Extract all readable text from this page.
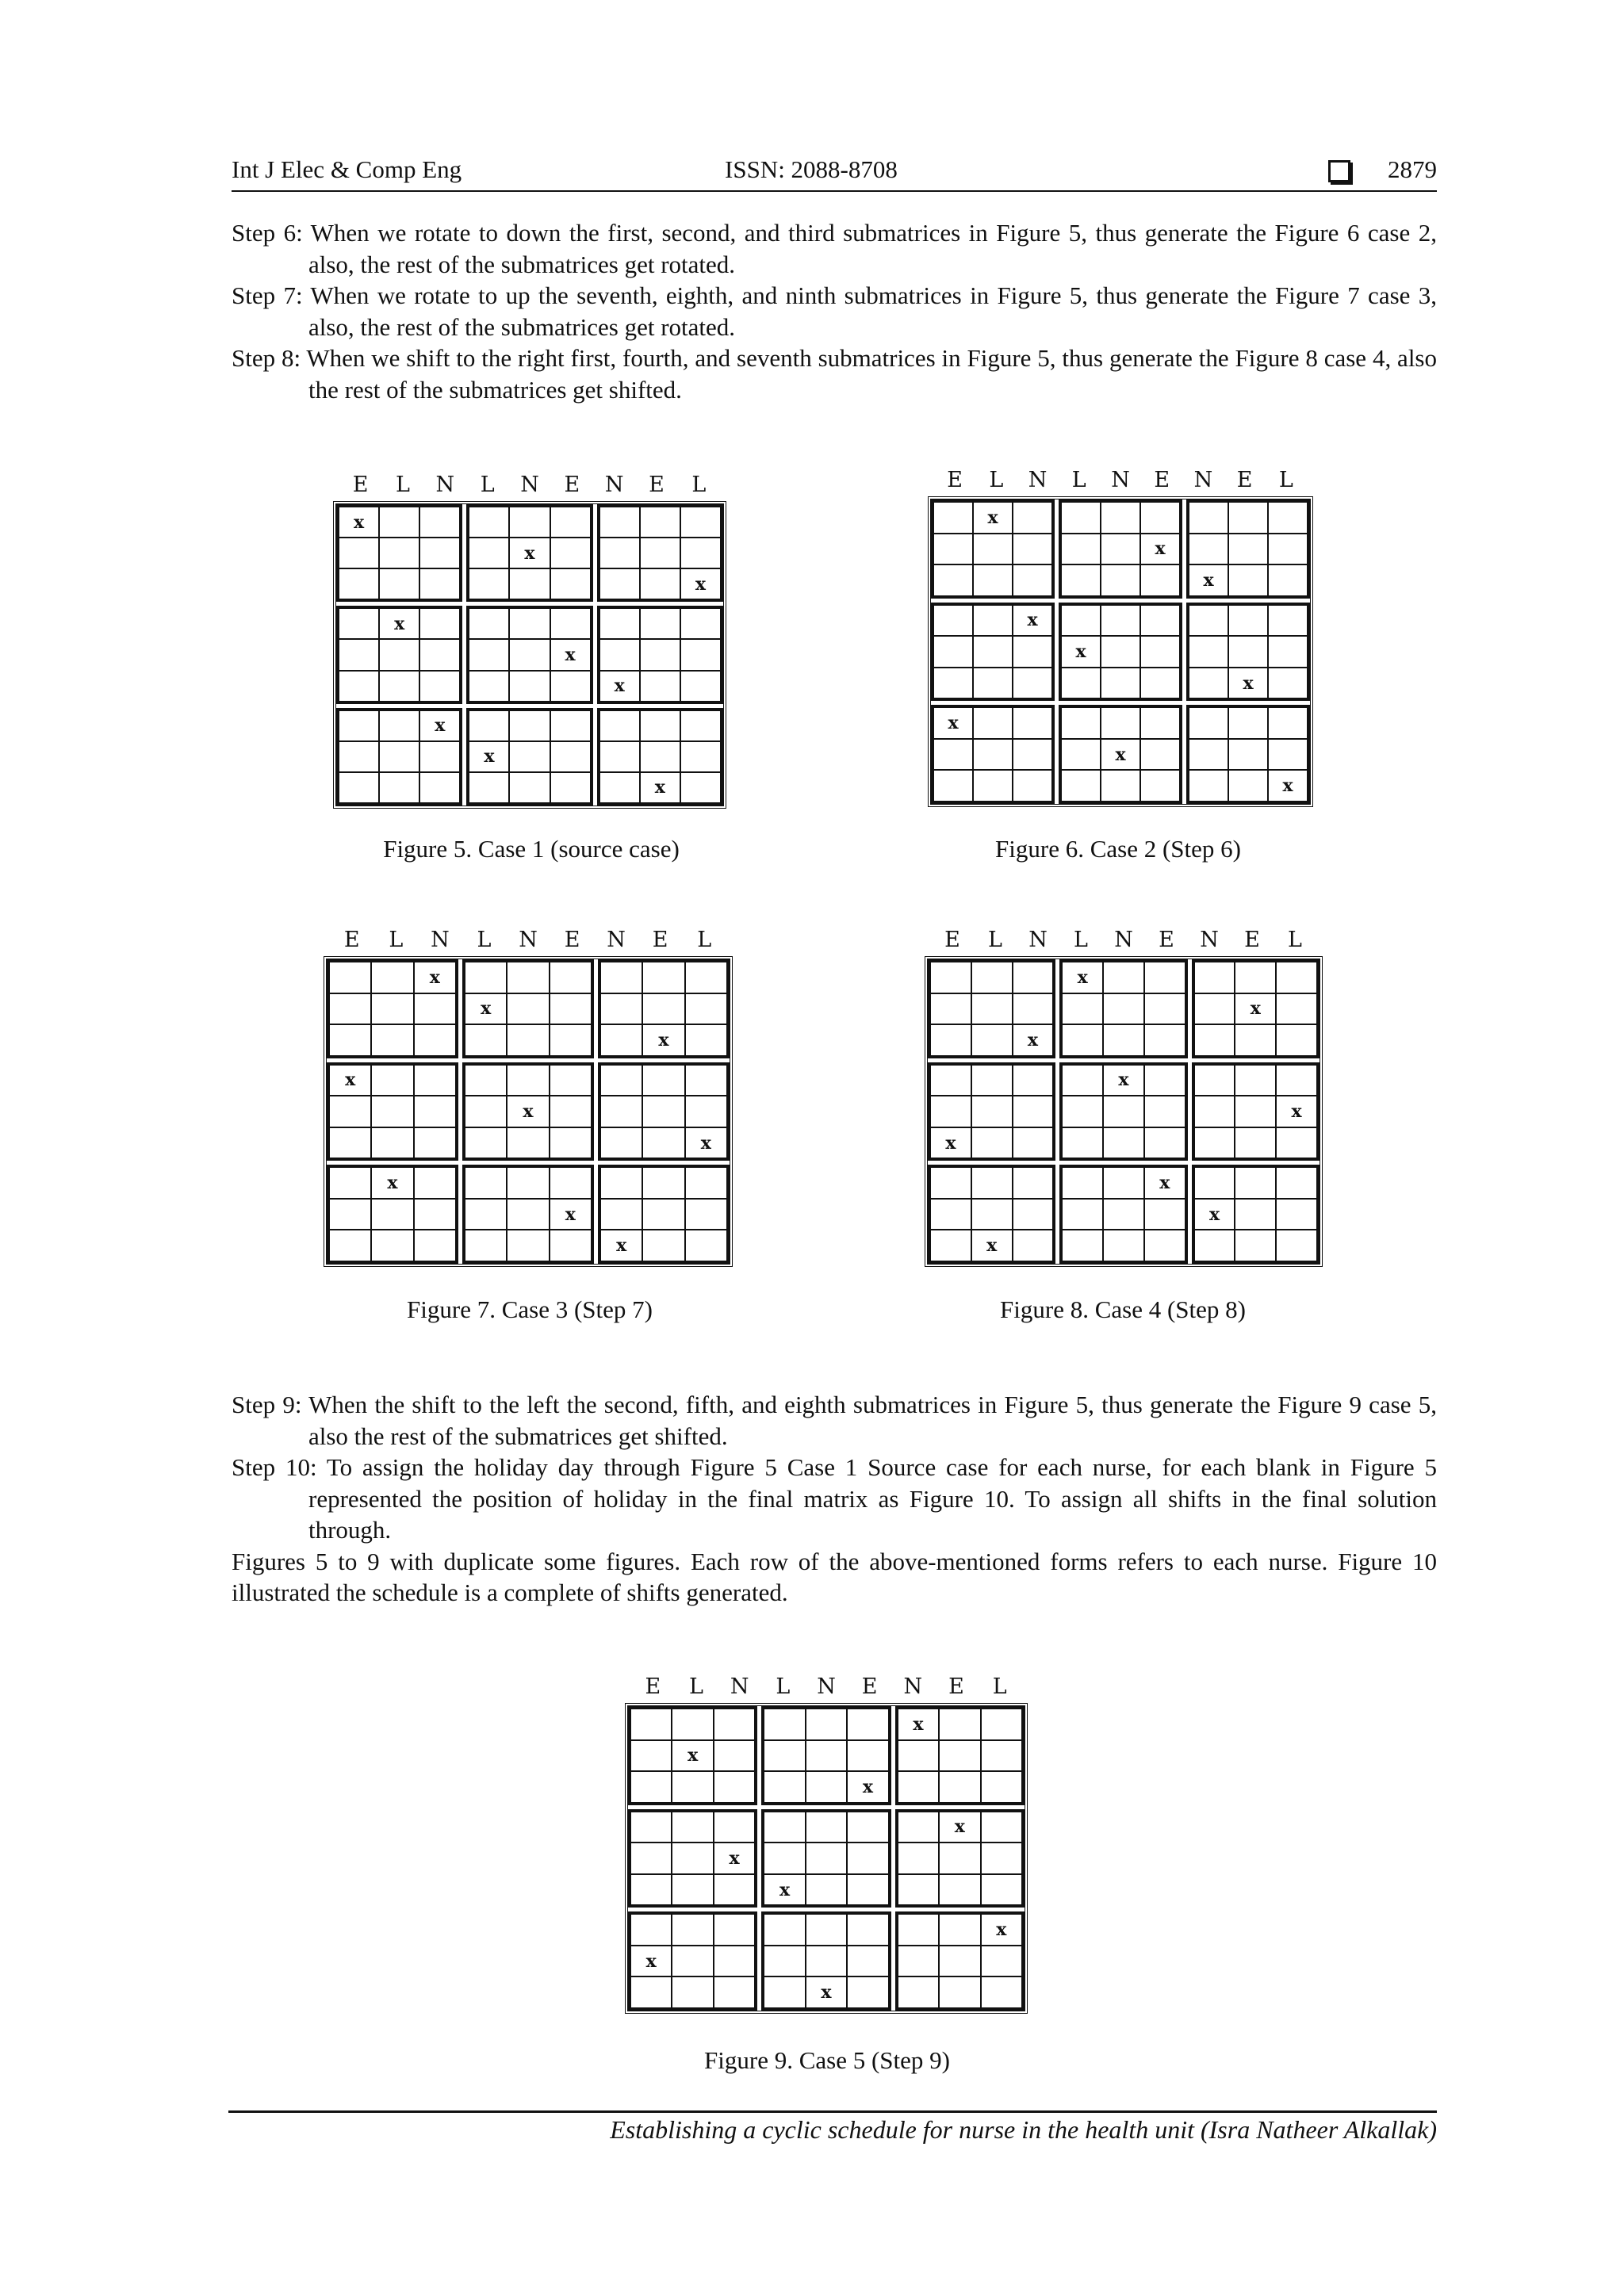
Int J Elec & Comp Eng	ISSN: 2088-8708	2879
Step 6: When we rotate to down the first, second, and third submatrices in Figure 5, thus generate the Figure 6 case 2, also, the rest of the submatrices get rotated.
Step 7: When we rotate to up the seventh, eighth, and ninth submatrices in Figure 5, thus generate the Figure 7 case 3, also, the rest of the submatrices get rotated.
Step 8: When we shift to the right first, fourth, and seventh submatrices in Figure 5, thus generate the Figure 8 case 4, also the rest of the submatrices get shifted.
E L N L N E N E L
x
x
x
x
x
x
x
x
x
Figure 5. Case 1 (source case)
E L N L N E N E L
x
x
x
x
x
x
x
x
x
Figure 6. Case 2 (Step 6)
E L N L N E N E L
x
x
x
x
x
x
x
x
x
Figure 7. Case 3 (Step 7)
E L N L N E N E L
x
x
x
x
x
x
x
x
x
Figure 8. Case 4 (Step 8)
Step 9: When the shift to the left the second, fifth, and eighth submatrices in Figure 5, thus generate the Figure 9 case 5, also the rest of the submatrices get shifted.
Step 10: To assign the holiday day through Figure 5 Case 1 Source case for each nurse, for each blank in Figure 5 represented the position of holiday in the final matrix as Figure 10. To assign all shifts in the final solution through.
Figures 5 to 9 with duplicate some figures. Each row of the above-mentioned forms refers to each nurse. Figure 10 illustrated the schedule is a complete of shifts generated.
E L N L N E N E L
x
x
x
x
x
x
x
x
x
Figure 9. Case 5 (Step 9)
Establishing a cyclic schedule for nurse in the health unit (Isra Natheer Alkallak)
